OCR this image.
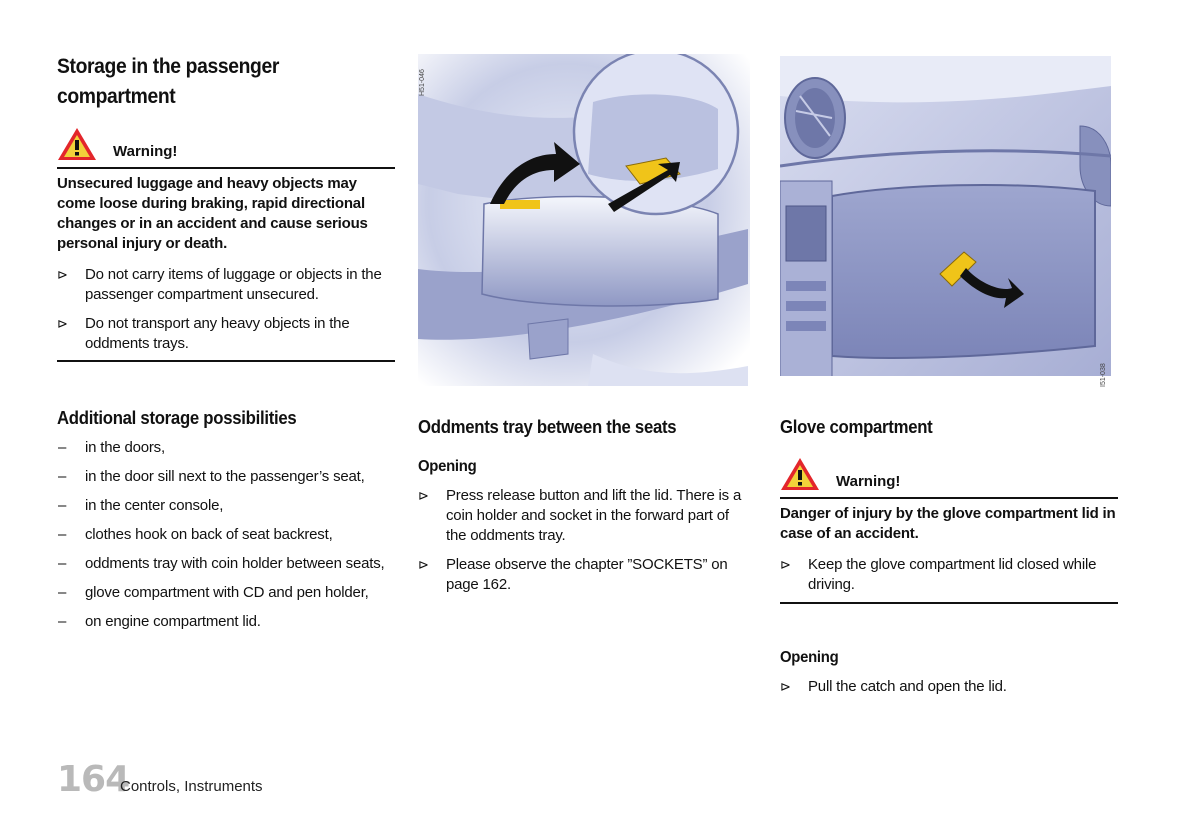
Storage in the passenger compartment
Warning!
Unsecured luggage and heavy objects may come loose during braking, rapid directional changes or in an accident and cause serious personal injury or death.
⊳ Do not carry items of luggage or objects in the passenger compartment unsecured.
⊳ Do not transport any heavy objects in the oddments trays.
Additional storage possibilities
– in the doors,
– in the door sill next to the passenger’s seat,
– in the center console,
– clothes hook on back of seat backrest,
– oddments tray with coin holder between seats,
– glove compartment with CD and pen holder,
– on engine compartment lid.
H51-046
Oddments tray between the seats
Opening
⊳ Press release button and lift the lid. There is a coin holder and socket in the forward part of the oddments tray.
⊳ Please observe the chapter ”SOCKETS” on page 162.
I51-038
Glove compartment
Warning!
Danger of injury by the glove compartment lid in case of an accident.
⊳ Keep the glove compartment lid closed while driving.
Opening
⊳ Pull the catch and open the lid.
164
Controls, Instruments
